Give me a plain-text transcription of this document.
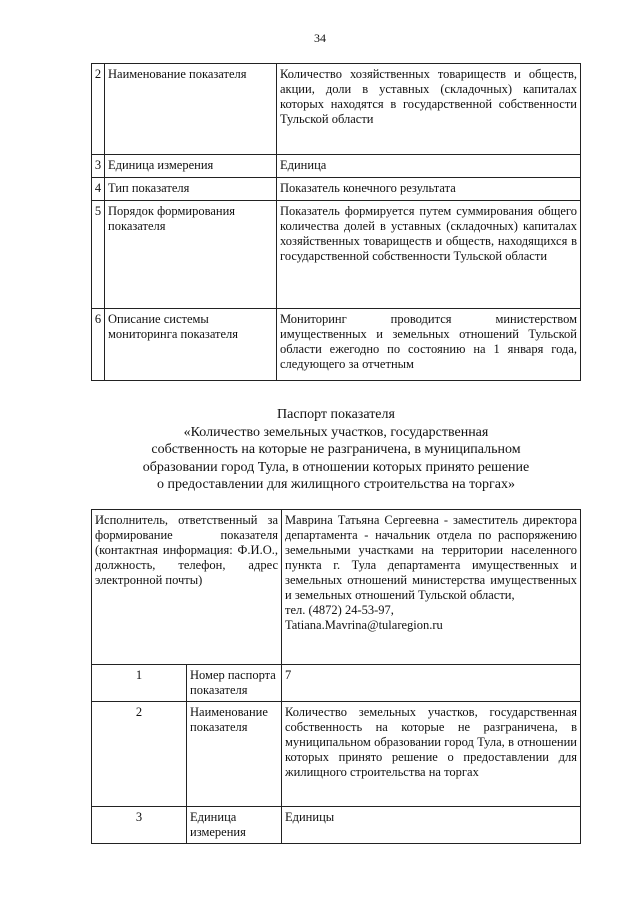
34
2	Наименование показателя	Количество хозяйственных товариществ и обществ, акции, доли в уставных (складочных) капиталах которых находятся в государственной собственности Тульской области
3	Единица измерения	Единица
4	Тип показателя	Показатель конечного результата
5	Порядок формирования показателя	Показатель формируется путем суммирования общего количества долей в уставных (складочных) капиталах хозяйственных товариществ и обществ, находящихся в государственной собственности Тульской области
6	Описание системы мониторинга показателя	Мониторинг проводится министерством имущественных и земельных отношений Тульской области ежегодно по состоянию на 1 января года, следующего за отчетным
Паспорт показателя
«Количество земельных участков, государственная
собственность на которые не разграничена, в муниципальном
образовании город Тула, в отношении которых принято решение
о предоставлении для жилищного строительства на торгах»
Исполнитель, ответственный за формирование показателя (контактная информация: Ф.И.О., должность, телефон, адрес электронной почты)		Маврина Татьяна Сергеевна - заместитель директора департамента - начальник отдела по распоряжению земельными участками на территории населенного пункта г. Тула департамента имущественных и земельных отношений министерства имущественных и земельных отношений Тульской области,
тел. (4872) 24-53-97,
Tatiana.Mavrina@tularegion.ru

1	Номер паспорта показателя	7
2	Наименование показателя	Количество земельных участков, государственная собственность на которые не разграничена, в муниципальном образовании город Тула, в отношении которых принято решение о предоставлении для жилищного строительства на торгах
3	Единица измерения	Единицы
